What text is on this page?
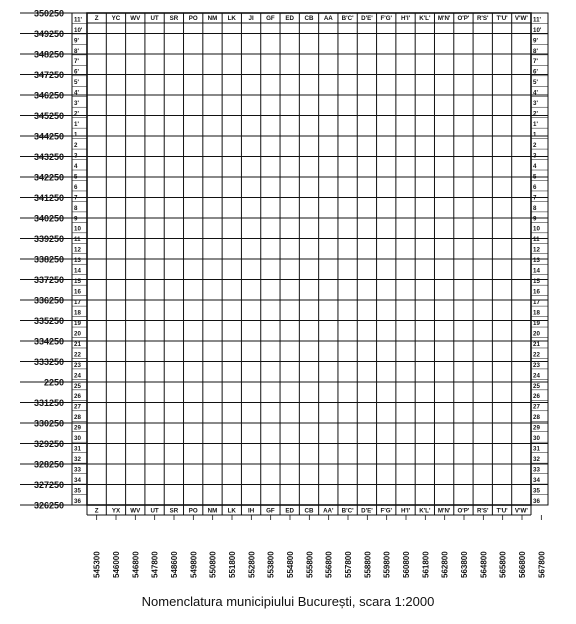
350250
349250
348250
347250
346250
345250
344250
343250
342250
341250
340250
339250
338250
337250
336250
335250
334250
333250
2250
331250
330250
329250
328250
327250
326250
11'
10'
9'
8'
7'
6'
5'
4'
3'
2'
1'
1
2
3
4
5
6
7
8
9
10
11
12
13
14
15
16
17
18
19
20
21
22
23
24
25
26
27
28
29
30
31
32
33
34
35
36
11'
10'
9'
8'
7'
6'
5'
4'
3'
2'
1'
1
2
3
4
5
6
7
8
9
10
11
12
13
14
15
16
17
18
19
20
21
22
23
24
25
26
27
28
29
30
31
32
33
34
35
36
Z YC WV UT SR PO NM LK JI GF ED CB AA B'C' D'E' F'G' H'I' K'L' M'N' O'P' R'S' T'U' V'W'
Z YX WV UT SR PO NM LK IH GF ED CB AA' B'C' D'E' F'G' H'I' K'L' M'N' O'P' R'S' T'U' V'W'
545300 546000 546800 547800 548600 549800 550800 551800 552800 553800 554800 555800 556800 557800 558800 559800 560800 561800 562800 563800 564800 565800 566800 567800
Nomenclatura municipiului București, scara 1:2000
